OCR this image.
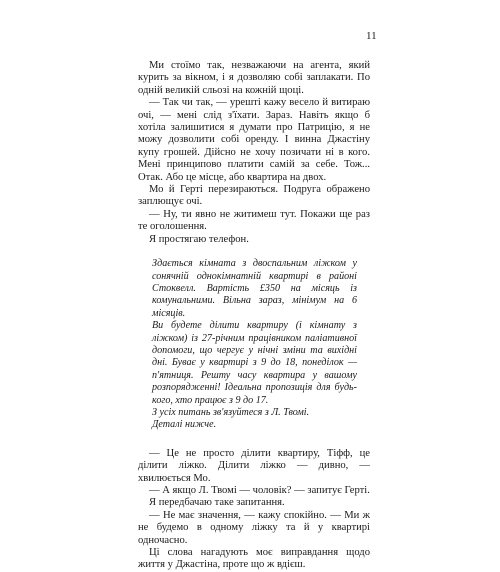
11

Ми стоїмо так, незважаючи на агента, який курить за вікном, і я дозволяю собі заплакати. По одній великій сльозі на кожній щоці.

— Так чи так, — урешті кажу весело й витираю очі, — мені слід з'їхати. Зараз. Навіть якщо б хотіла залишитися я думати про Патрицію, я не можу дозволити собі оренду. І винна Джастіну купу грошей. Дійсно не хочу позичати ні в кого. Мені принципово платити самій за себе. Тож... Отак. Або це місце, або квартира на двох.

Мо й Герті перезираються. Подруга ображено заплющує очі.

— Ну, ти явно не житимеш тут. Покажи ще раз те оголошення.

Я простягаю телефон.

Здається кімната з двоспальним ліжком у сонячній однокімнатній квартирі в районі Стоквелл. Вартість £350 на місяць із комунальними. Вільна зараз, мінімум на 6 місяців.

Ви будете ділити квартиру (і кімнату з ліжком) із 27-річним працівником паліативної допомоги, що чергує у нічні зміни та вихідні дні. Буває у квартирі з 9 до 18, понеділок — п'ятниця. Решту часу квартира у вашому розпорядженні! Ідеальна пропозиція для будь-кого, хто працює з 9 до 17.

З усіх питань зв'язуйтеся з Л. Твомі.

Деталі нижче.

— Це не просто ділити квартиру, Тіфф, це ділити ліжко. Ділити ліжко — дивно, — хвилюється Мо.

— А якщо Л. Твомі — чоловік? — запитує Герті.

Я передбачаю таке запитання.

— Не має значення, — кажу спокійно. — Ми ж не будемо в одному ліжку та й у квартирі одночасно.

Ці слова нагадують моє виправдання щодо життя у Джастіна, проте що ж вдієш.
